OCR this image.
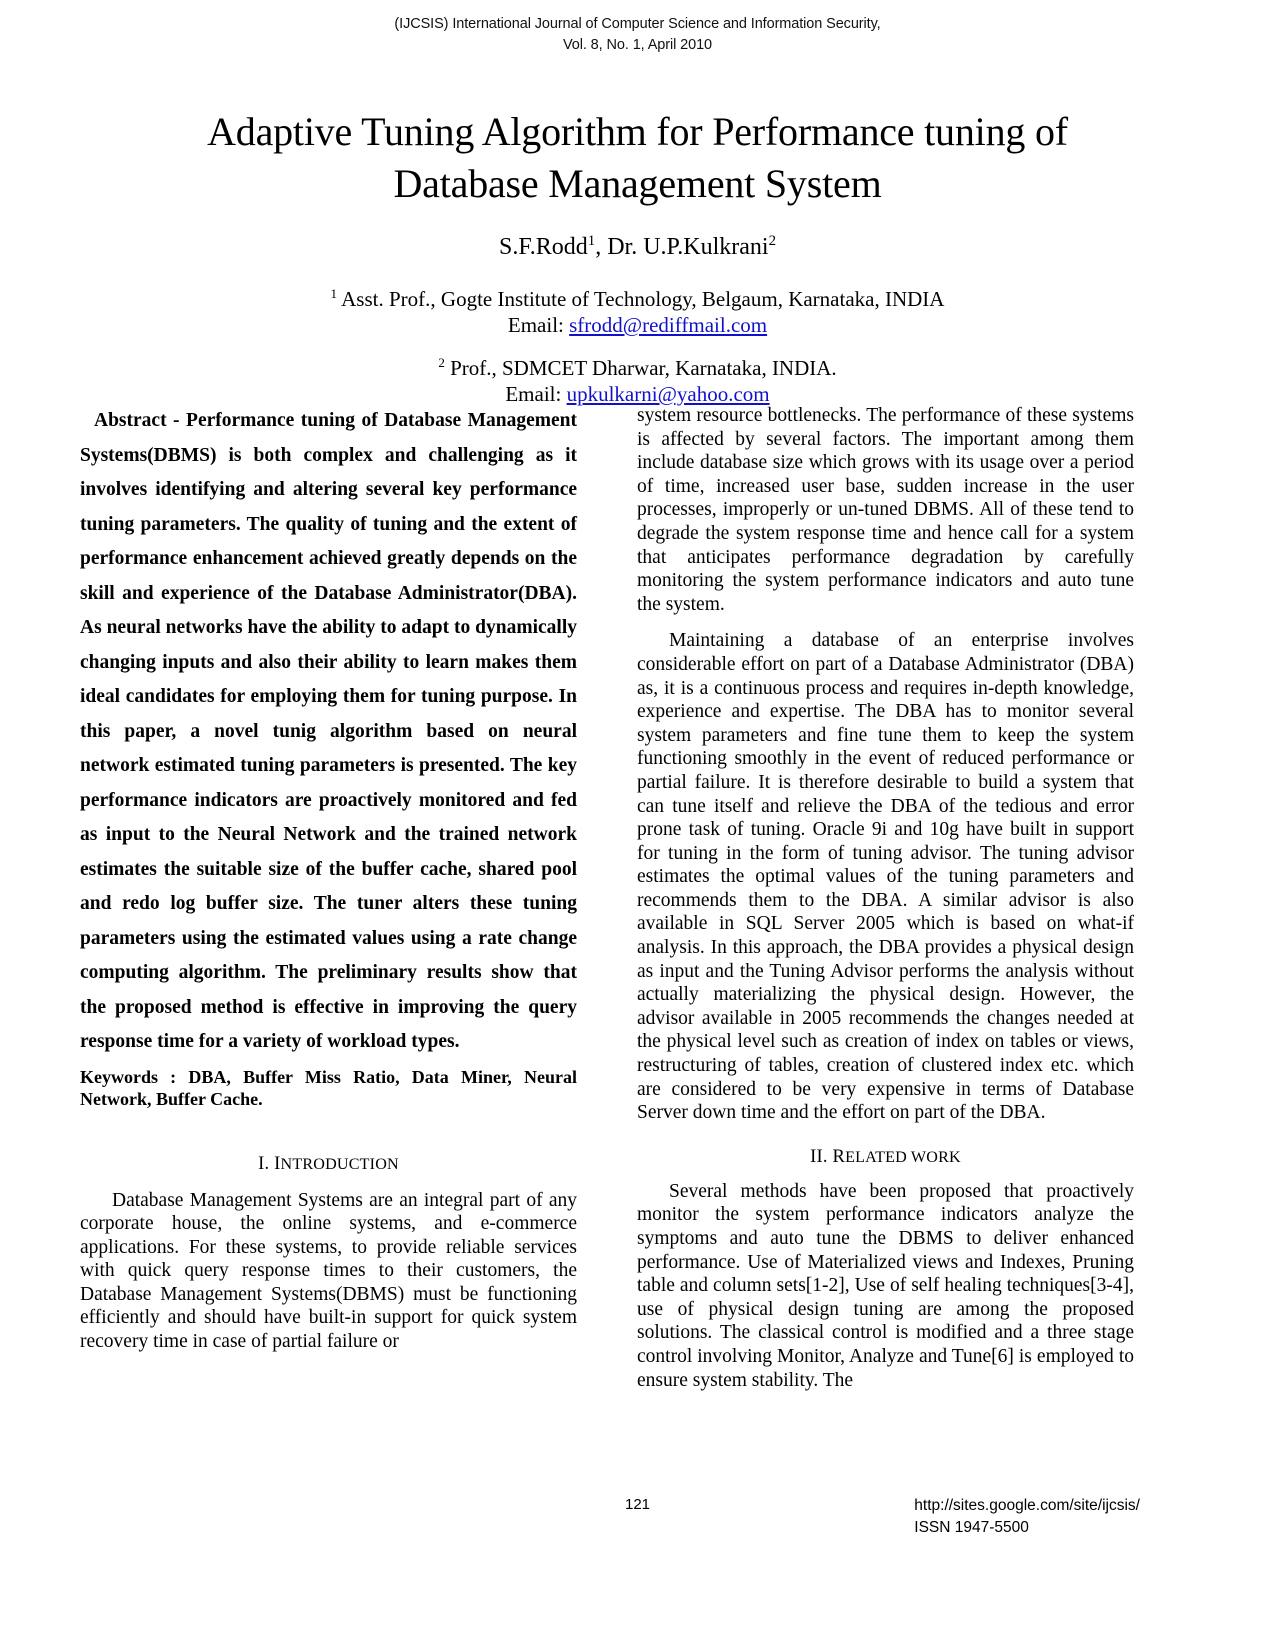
(IJCSIS) International Journal of Computer Science and Information Security,
Vol. 8, No. 1, April 2010
Adaptive Tuning Algorithm for Performance tuning of
Database Management System
S.F.Rodd$^1$, Dr. U.P.Kulkrani$^2$
$^1$ Asst. Prof., Gogte Institute of Technology, Belgaum, Karnataka, INDIA
Email: sfrodd@rediffmail.com
$^2$ Prof., SDMCET Dharwar, Karnataka, INDIA.
Email: upkulkarni@yahoo.com

Abstract - Performance tuning of Database Management Systems(DBMS) is both complex and challenging as it involves identifying and altering several key performance tuning parameters. The quality of tuning and the extent of performance enhancement achieved greatly depends on the skill and experience of the Database Administrator(DBA). As neural networks have the ability to adapt to dynamically changing inputs and also their ability to learn makes them ideal candidates for employing them for tuning purpose. In this paper, a novel tunig algorithm based on neural network estimated tuning parameters is presented. The key performance indicators are proactively monitored and fed as input to the Neural Network and the trained network estimates the suitable size of the buffer cache, shared pool and redo log buffer size. The tuner alters these tuning parameters using the estimated values using a rate change computing algorithm. The preliminary results show that the proposed method is effective in improving the query response time for a variety of workload types.

Keywords : DBA, Buffer Miss Ratio, Data Miner, Neural Network, Buffer Cache.

I. INTRODUCTION

Database Management Systems are an integral part of any corporate house, the online systems, and e-commerce applications. For these systems, to provide reliable services with quick query response times to their customers, the Database Management Systems(DBMS) must be functioning efficiently and should have built-in support for quick system recovery time in case of partial failure or

system resource bottlenecks. The performance of these systems is affected by several factors. The important among them include database size which grows with its usage over a period of time, increased user base, sudden increase in the user processes, improperly or un-tuned DBMS. All of these tend to degrade the system response time and hence call for a system that anticipates performance degradation by carefully monitoring the system performance indicators and auto tune the system.

Maintaining a database of an enterprise involves considerable effort on part of a Database Administrator (DBA) as, it is a continuous process and requires in-depth knowledge, experience and expertise. The DBA has to monitor several system parameters and fine tune them to keep the system functioning smoothly in the event of reduced performance or partial failure. It is therefore desirable to build a system that can tune itself and relieve the DBA of the tedious and error prone task of tuning. Oracle 9i and 10g have built in support for tuning in the form of tuning advisor. The tuning advisor estimates the optimal values of the tuning parameters and recommends them to the DBA. A similar advisor is also available in SQL Server 2005 which is based on what-if analysis. In this approach, the DBA provides a physical design as input and the Tuning Advisor performs the analysis without actually materializing the physical design. However, the advisor available in 2005 recommends the changes needed at the physical level such as creation of index on tables or views, restructuring of tables, creation of clustered index etc. which are considered to be very expensive in terms of Database Server down time and the effort on part of the DBA.

II. RELATED WORK

Several methods have been proposed that proactively monitor the system performance indicators analyze the symptoms and auto tune the DBMS to deliver enhanced performance. Use of Materialized views and Indexes, Pruning table and column sets[1-2], Use of self healing techniques[3-4], use of physical design tuning are among the proposed solutions. The classical control is modified and a three stage control involving Monitor, Analyze and Tune[6] is employed to ensure system stability. The

121	http://sites.google.com/site/ijcsis/
ISSN 1947-5500
